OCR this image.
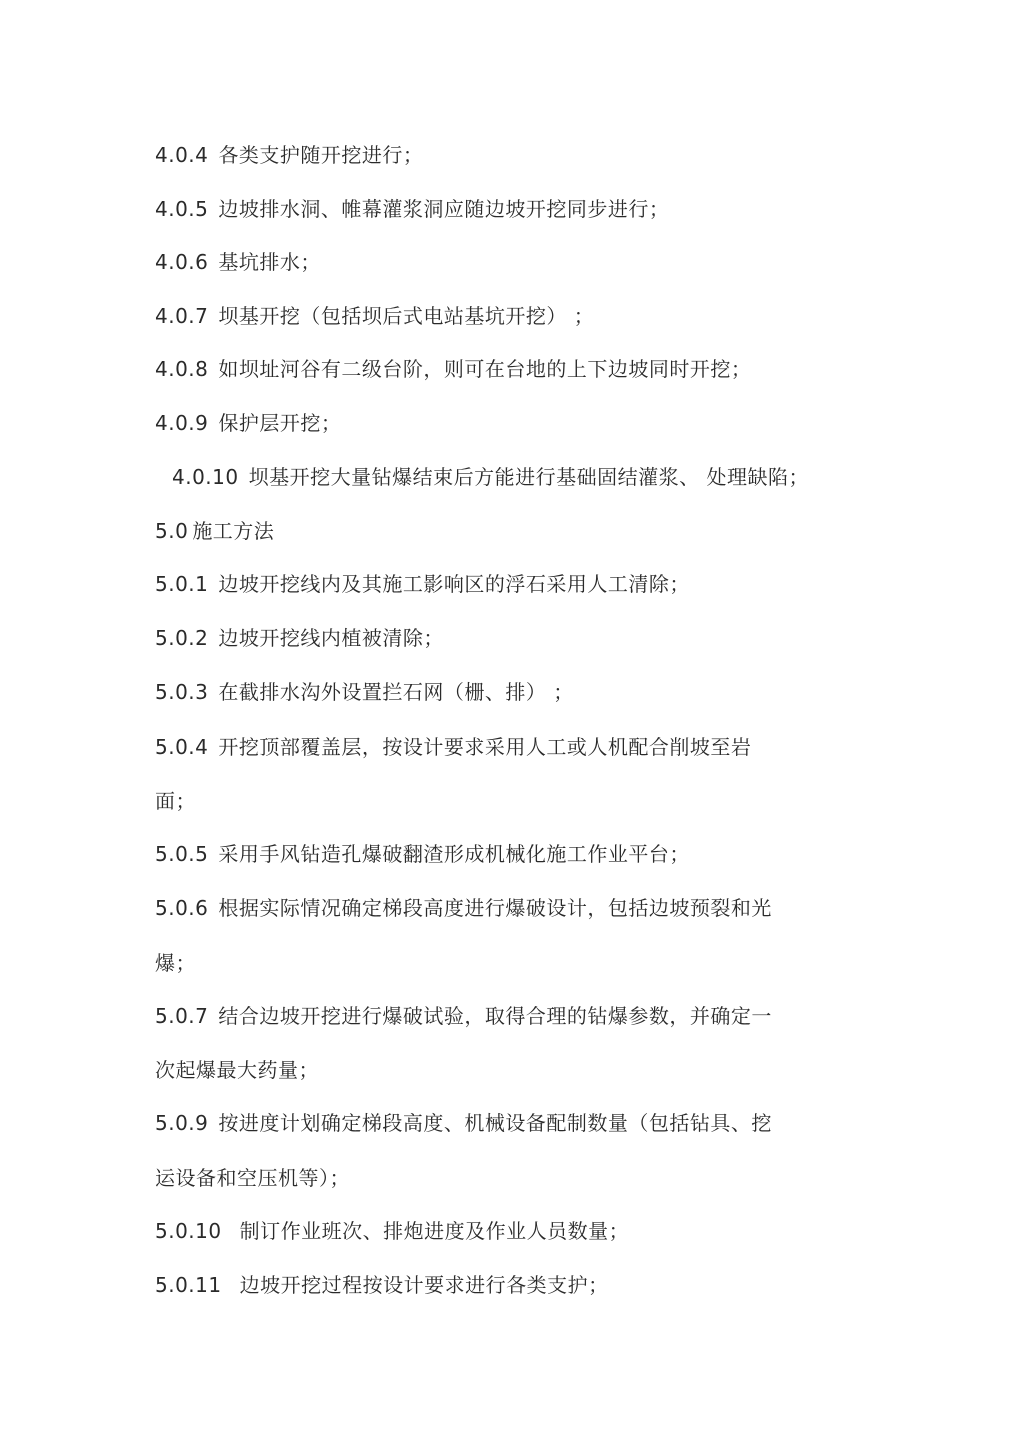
4.0.4 各类支护随开挖进行；
4.0.5 边坡排水洞、帷幕灌浆洞应随边坡开挖同步进行；
4.0.6 基坑排水；
4.0.7 坝基开挖（包括坝后式电站基坑开挖） ；
4.0.8 如坝址河谷有二级台阶，则可在台地的上下边坡同时开挖；
4.0.9 保护层开挖；
4.0.10 坝基开挖大量钻爆结束后方能进行基础固结灌浆、 处理缺陷；
5.0 施工方法
5.0.1 边坡开挖线内及其施工影响区的浮石采用人工清除；
5.0.2 边坡开挖线内植被清除；
5.0.3 在截排水沟外设置拦石网（栅、排） ；
5.0.4 开挖顶部覆盖层，按设计要求采用人工或人机配合削坡至岩
面；
5.0.5 采用手风钻造孔爆破翻渣形成机械化施工作业平台；
5.0.6 根据实际情况确定梯段高度进行爆破设计，包括边坡预裂和光
爆；
5.0.7 结合边坡开挖进行爆破试验，取得合理的钻爆参数，并确定一
次起爆最大药量；
5.0.9 按进度计划确定梯段高度、机械设备配制数量（包括钻具、挖
运设备和空压机等）；
5.0.10 制订作业班次、排炮进度及作业人员数量；
5.0.11 边坡开挖过程按设计要求进行各类支护；
